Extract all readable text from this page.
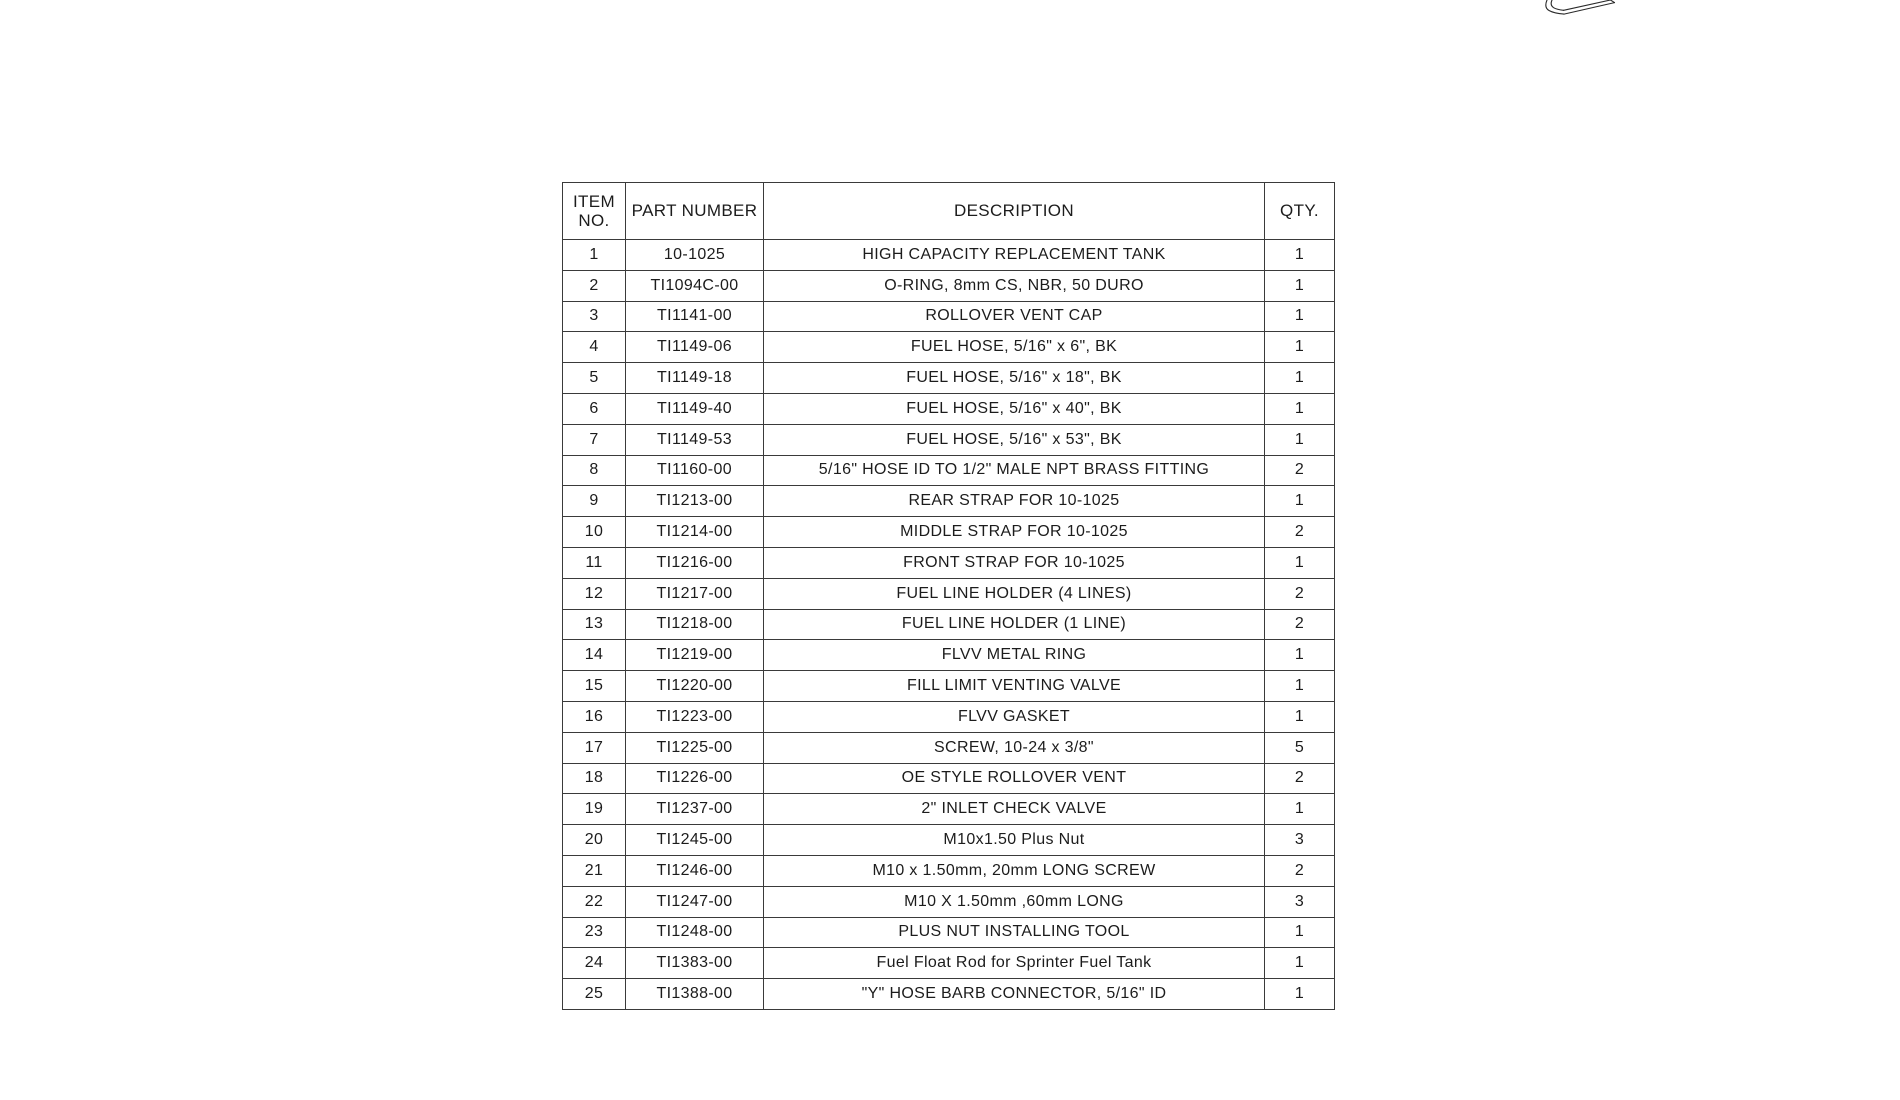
ITEM
NO.	PART NUMBER	DESCRIPTION	QTY.
1	10-1025	HIGH CAPACITY REPLACEMENT TANK	1
2	TI1094C-00	O-RING, 8mm CS, NBR, 50 DURO	1
3	TI1141-00	ROLLOVER VENT CAP	1
4	TI1149-06	FUEL HOSE, 5/16" x 6", BK	1
5	TI1149-18	FUEL HOSE, 5/16" x 18", BK	1
6	TI1149-40	FUEL HOSE, 5/16" x 40", BK	1
7	TI1149-53	FUEL HOSE, 5/16" x 53", BK	1
8	TI1160-00	5/16" HOSE ID TO 1/2" MALE NPT BRASS FITTING	2
9	TI1213-00	REAR STRAP FOR 10-1025	1
10	TI1214-00	MIDDLE STRAP FOR 10-1025	2
11	TI1216-00	FRONT STRAP FOR 10-1025	1
12	TI1217-00	FUEL LINE HOLDER (4 LINES)	2
13	TI1218-00	FUEL LINE HOLDER (1 LINE)	2
14	TI1219-00	FLVV METAL RING	1
15	TI1220-00	FILL LIMIT VENTING VALVE	1
16	TI1223-00	FLVV GASKET	1
17	TI1225-00	SCREW, 10-24 x 3/8"	5
18	TI1226-00	OE STYLE ROLLOVER VENT	2
19	TI1237-00	2" INLET CHECK VALVE	1
20	TI1245-00	M10x1.50 Plus Nut	3
21	TI1246-00	M10 x 1.50mm, 20mm LONG SCREW	2
22	TI1247-00	M10 X 1.50mm ,60mm LONG	3
23	TI1248-00	PLUS NUT INSTALLING TOOL	1
24	TI1383-00	Fuel Float Rod for Sprinter Fuel Tank	1
25	TI1388-00	"Y" HOSE BARB CONNECTOR, 5/16" ID	1
